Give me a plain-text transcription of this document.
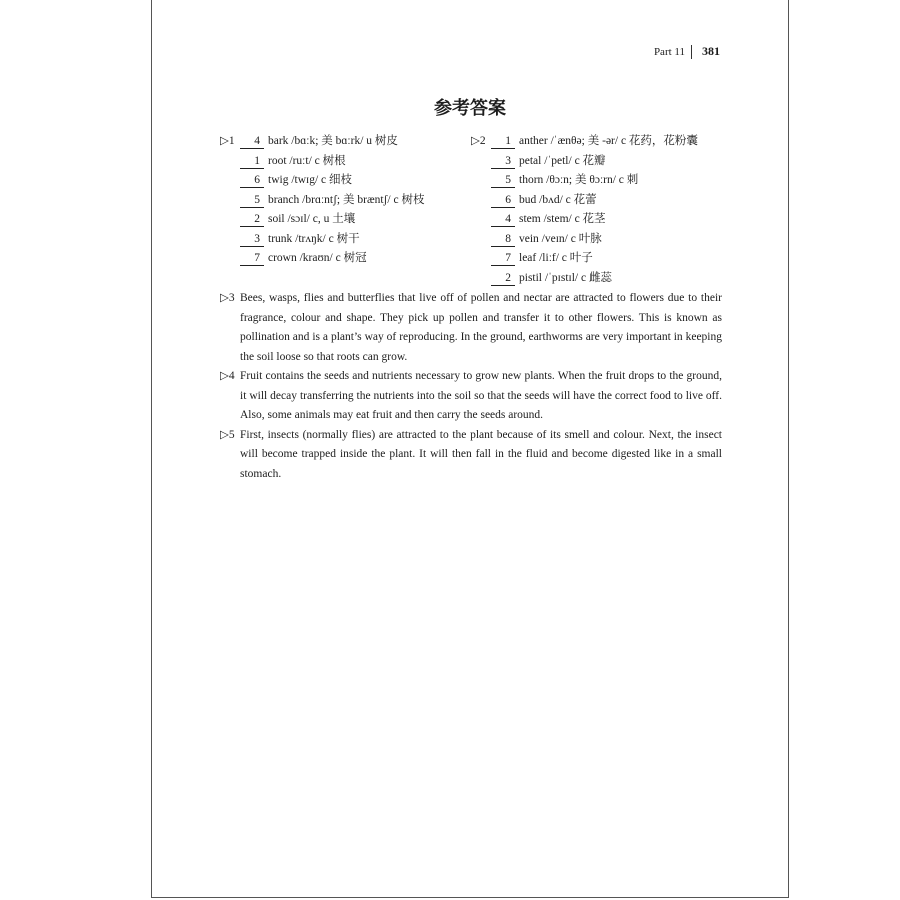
Part 11 381
参考答案
▷1	4 bark /bɑːk; 美 bɑːrk/ u 树皮
1 root /ruːt/ c 树根
6 twig /twɪg/ c 细枝
5 branch /brɑːntʃ; 美 bræntʃ/ c 树枝
2 soil /sɔɪl/ c, u 土壤
3 trunk /trʌŋk/ c 树干
7 crown /kraʊn/ c 树冠
▷2	1 anther /ˈænθə; 美 -ər/ c 花药，花粉囊
3 petal /ˈpetl/ c 花瓣
5 thorn /θɔːn; 美 θɔːrn/ c 刺
6 bud /bʌd/ c 花蕾
4 stem /stem/ c 花茎
8 vein /veɪn/ c 叶脉
7 leaf /liːf/ c 叶子
2 pistil /ˈpɪstɪl/ c 雌蕊
▷3 Bees, wasps, flies and butterflies that live off of pollen and nectar are attracted to flowers due to their fragrance, colour and shape. They pick up pollen and transfer it to other flowers. This is known as pollination and is a plant’s way of reproducing. In the ground, earthworms are very important in keeping the soil loose so that roots can grow.
▷4 Fruit contains the seeds and nutrients necessary to grow new plants. When the fruit drops to the ground, it will decay transferring the nutrients into the soil so that the seeds will have the correct food to live off. Also, some animals may eat fruit and then carry the seeds around.
▷5 First, insects (normally flies) are attracted to the plant because of its smell and colour. Next, the insect will become trapped inside the plant. It will then fall in the fluid and become digested like in a small stomach.
